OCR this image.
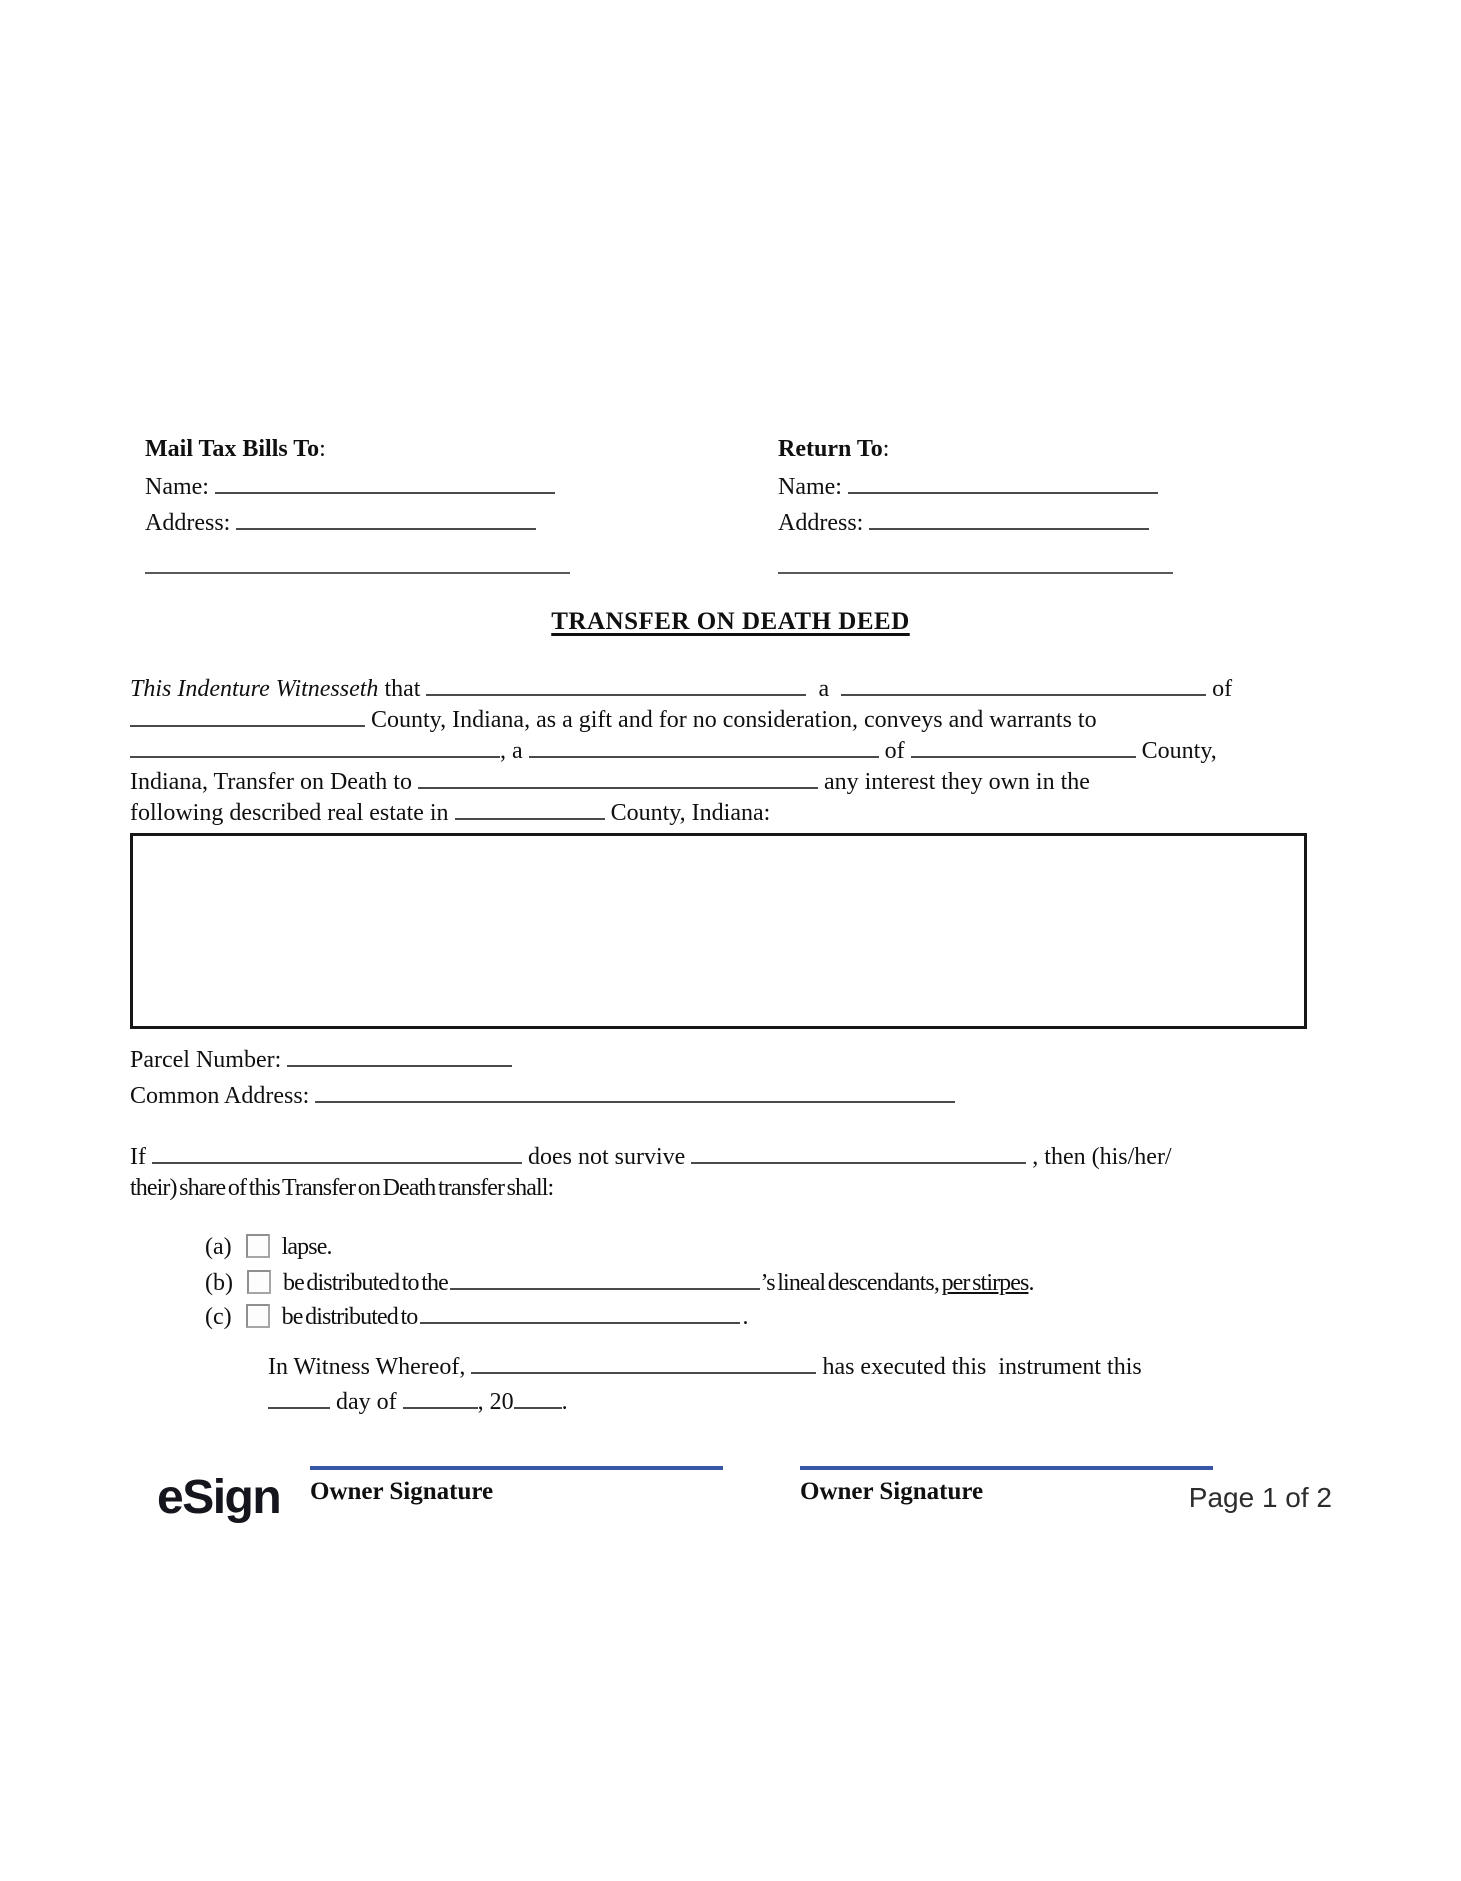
Mail Tax Bills To:
Name:
Address:
Return To:
Name:
Address:
TRANSFER ON DEATH DEED
This Indenture Witnesseth that	a	of
County, Indiana, as a gift and for no consideration, conveys and warrants to
, a	of	County,
Indiana, Transfer on Death to	any interest they own in the
following described real estate in	County, Indiana:
Parcel Number:
Common Address:
If	does not survive	, then (his/her/
their) share of this Transfer on Death transfer shall:
(a) lapse.
(b) be distributed to the	’s lineal descendants, per stirpes.
(c) be distributed to	.
In Witness Whereof,	has executed this  instrument this
day of	, 20 .
Owner Signature	Owner Signature	Page 1 of 2
eSign
